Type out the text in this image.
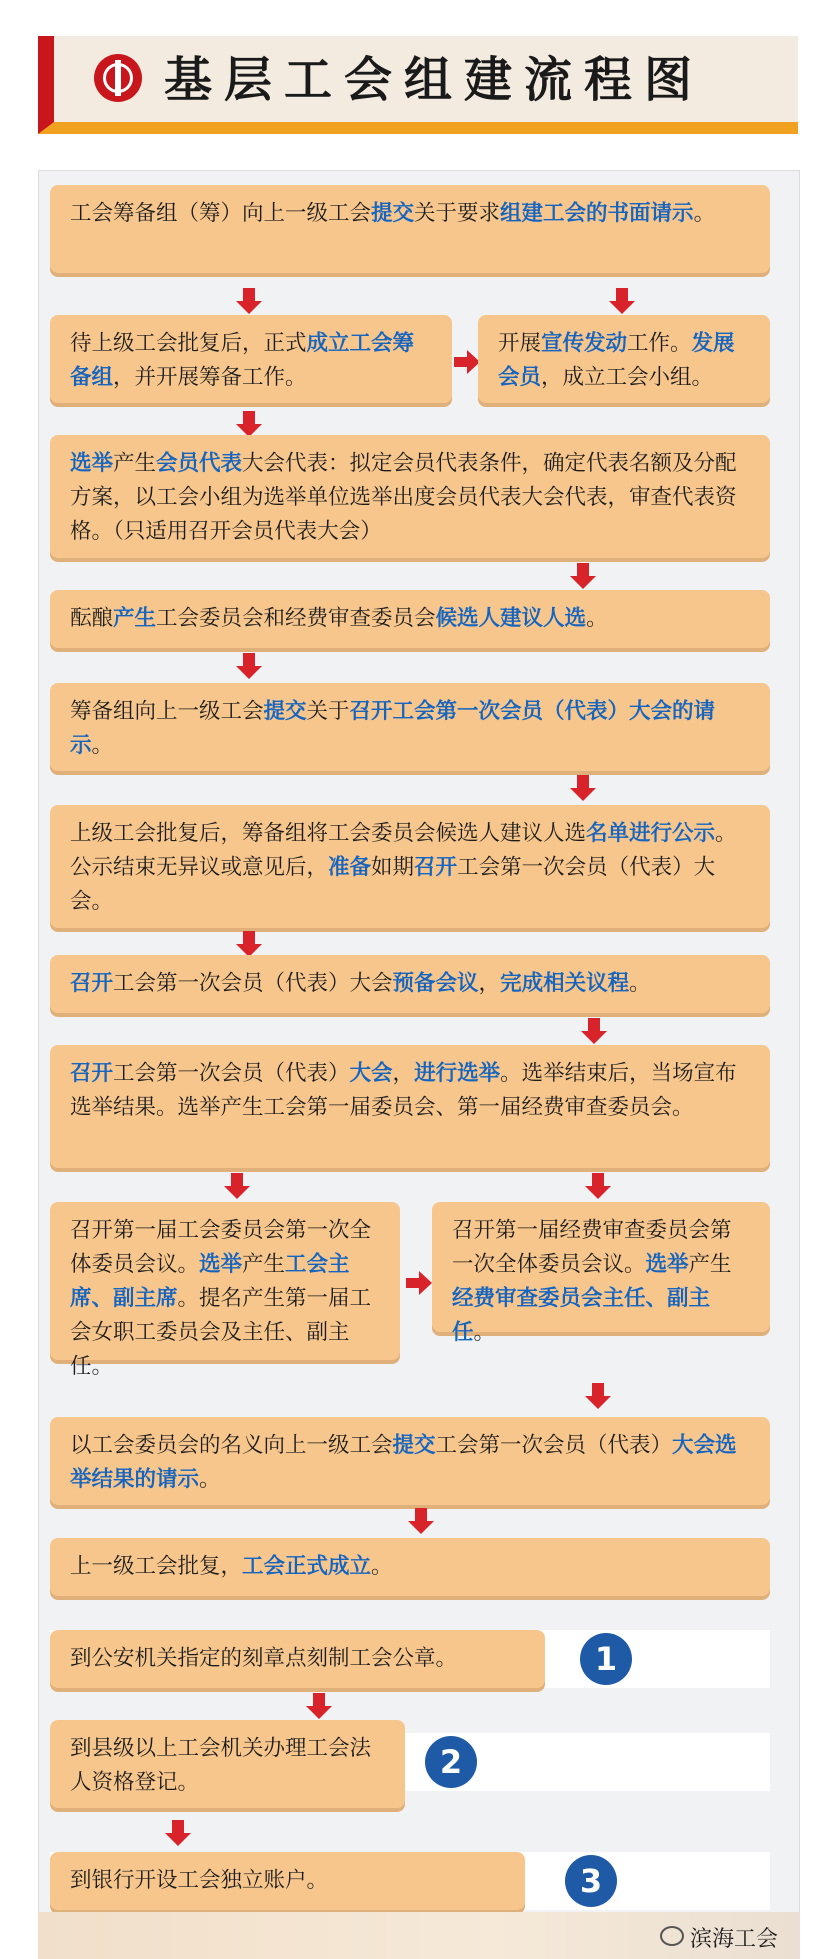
基层工会组建流程图
工会筹备组（筹）向上一级工会提交关于要求组建工会的书面请示。
待上级工会批复后，正式成立工会筹备组，并开展筹备工作。
开展宣传发动工作。发展会员，成立工会小组。
选举产生会员代表大会代表：拟定会员代表条件，确定代表名额及分配方案，以工会小组为选举单位选举出度会员代表大会代表，审查代表资格。（只适用召开会员代表大会）
酝酿产生工会委员会和经费审查委员会候选人建议人选。
筹备组向上一级工会提交关于召开工会第一次会员（代表）大会的请示。
上级工会批复后，筹备组将工会委员会候选人建议人选名单进行公示。公示结束无异议或意见后，准备如期召开工会第一次会员（代表）大会。
召开工会第一次会员（代表）大会预备会议，完成相关议程。
召开工会第一次会员（代表）大会，进行选举。选举结束后，当场宣布选举结果。选举产生工会第一届委员会、第一届经费审查委员会。
召开第一届工会委员会第一次全体委员会议。选举产生工会主席、副主席。提名产生第一届工会女职工委员会及主任、副主任。
召开第一届经费审查委员会第一次全体委员会议。选举产生经费审查委员会主任、副主任。
以工会委员会的名义向上一级工会提交工会第一次会员（代表）大会选举结果的请示。
上一级工会批复，工会正式成立。
到公安机关指定的刻章点刻制工会公章。	1
到县级以上工会机关办理工会法人资格登记。
2
到银行开设工会独立账户。	3
滨海工会
